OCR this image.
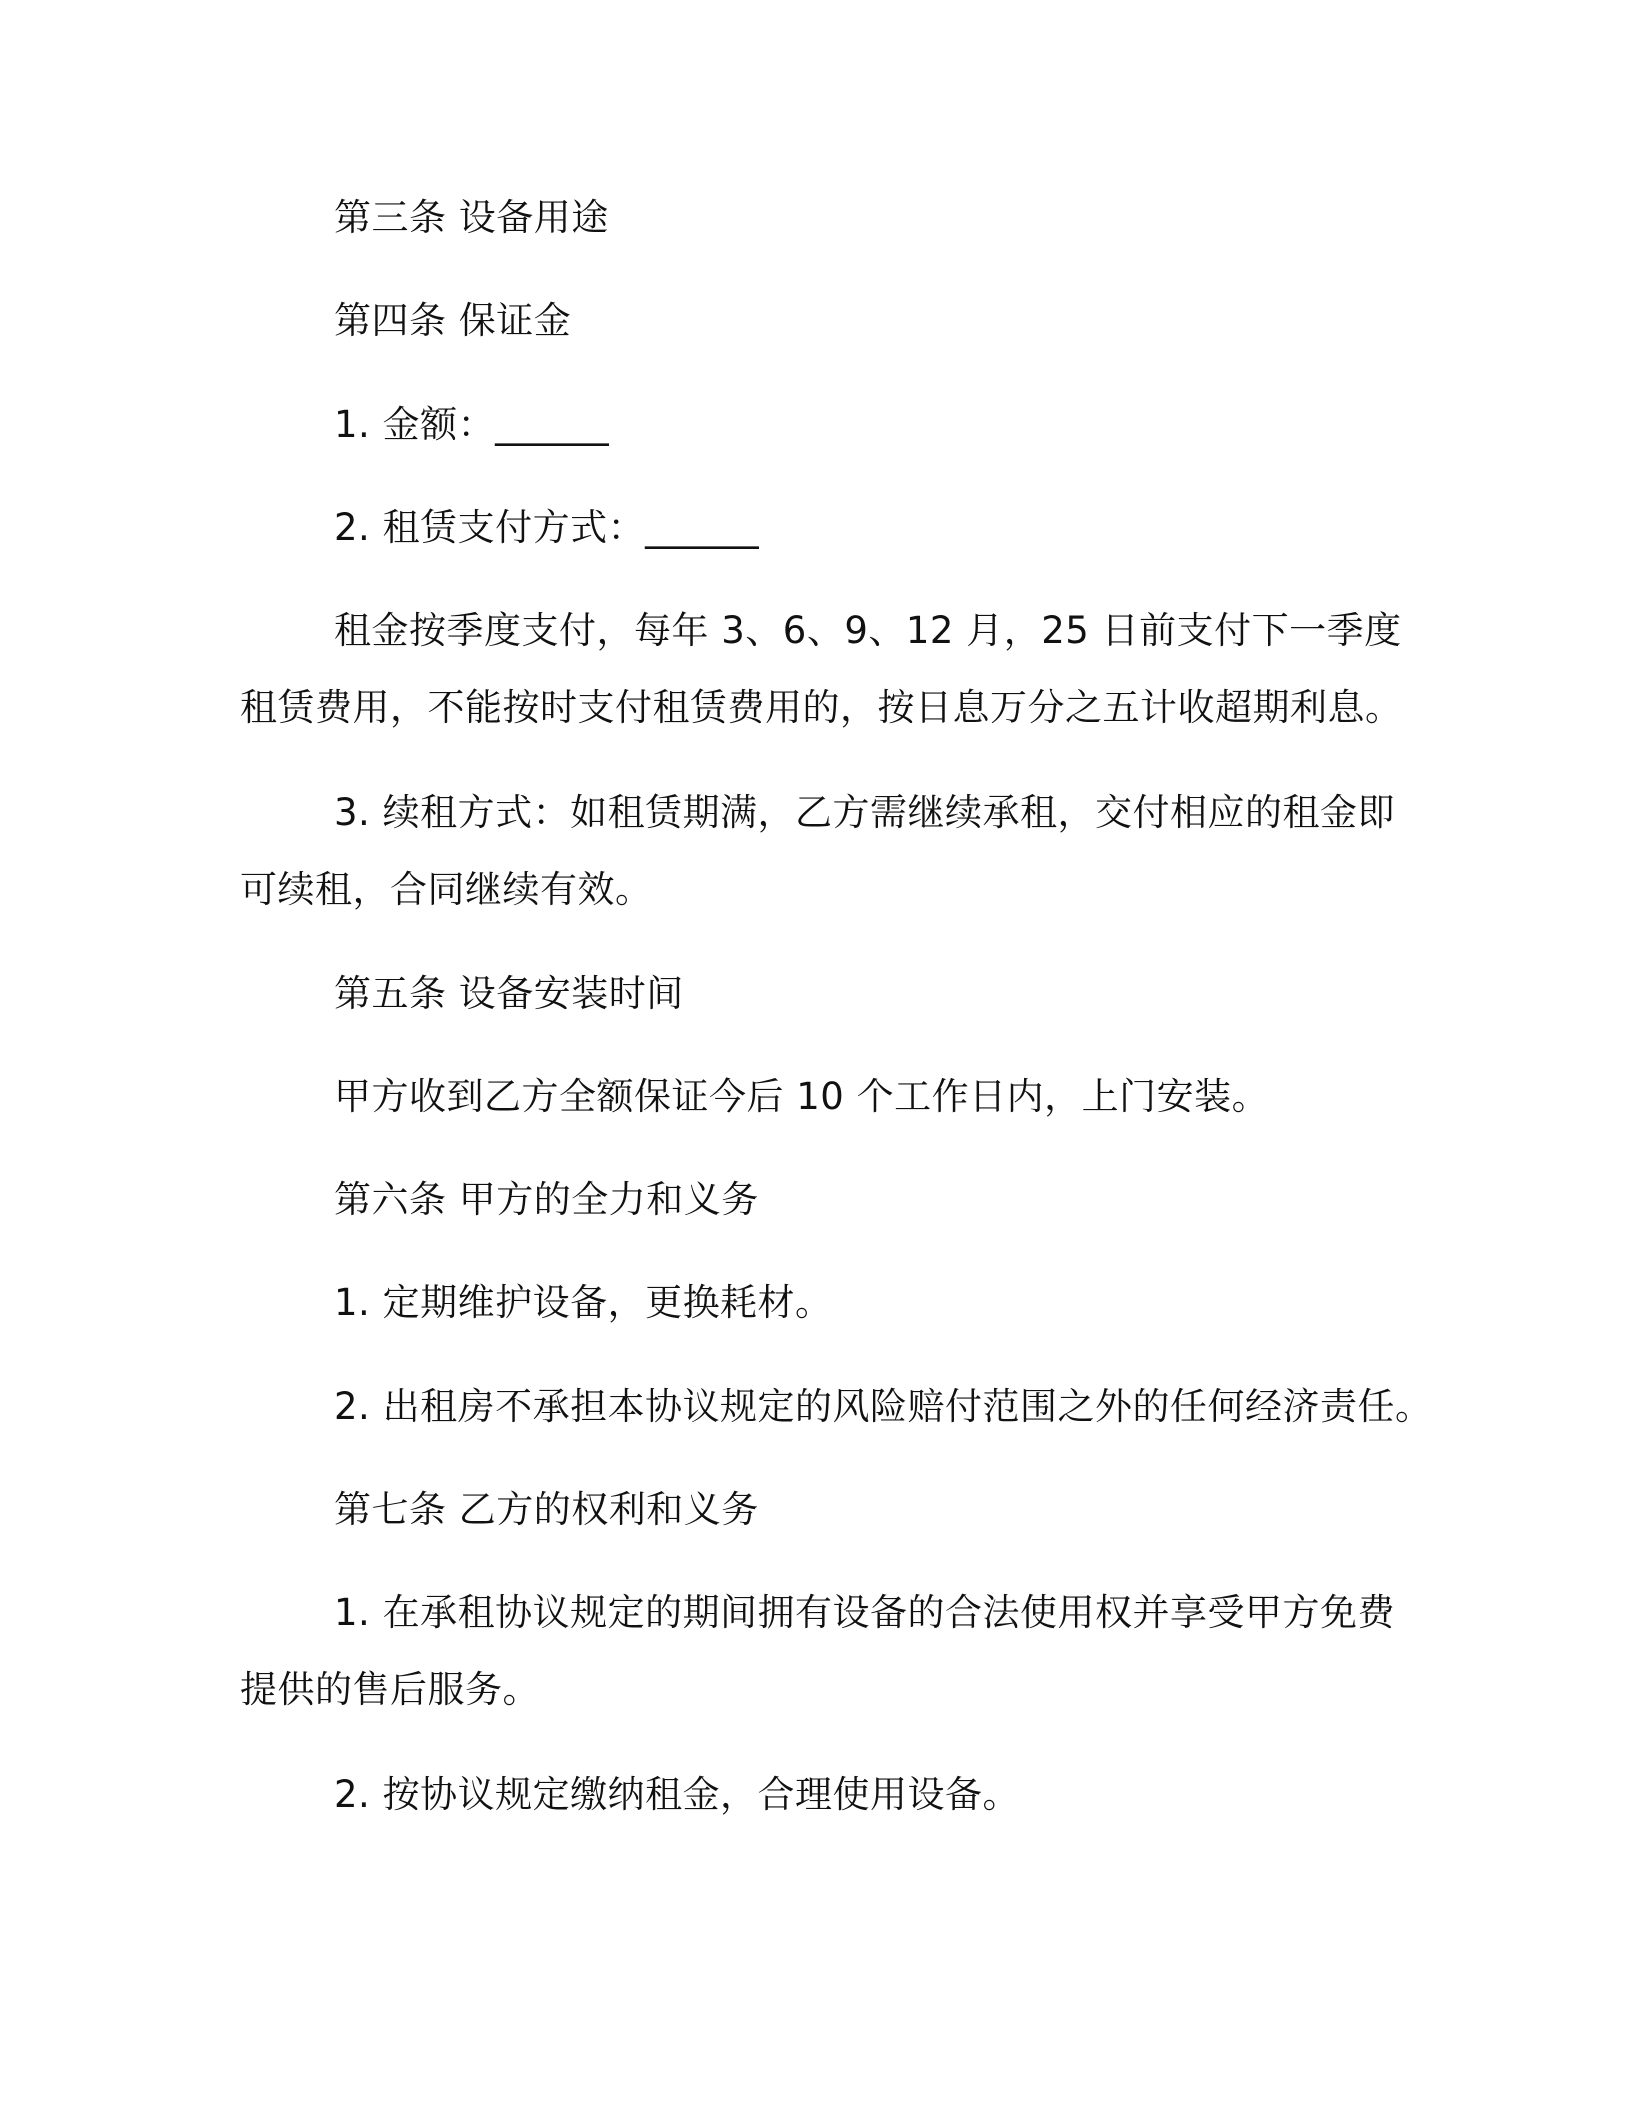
第三条 设备用途
第四条 保证金
1. 金额：______
2. 租赁支付方式：______
租金按季度支付，每年 3、6、9、12 月，25 日前支付下一季度
租赁费用，不能按时支付租赁费用的，按日息万分之五计收超期利息。
3. 续租方式：如租赁期满，乙方需继续承租，交付相应的租金即
可续租，合同继续有效。
第五条 设备安装时间
甲方收到乙方全额保证今后 10 个工作日内，上门安装。
第六条 甲方的全力和义务
1. 定期维护设备，更换耗材。
2. 出租房不承担本协议规定的风险赔付范围之外的任何经济责任。
第七条 乙方的权利和义务
1. 在承租协议规定的期间拥有设备的合法使用权并享受甲方免费
提供的售后服务。
2. 按协议规定缴纳租金，合理使用设备。
